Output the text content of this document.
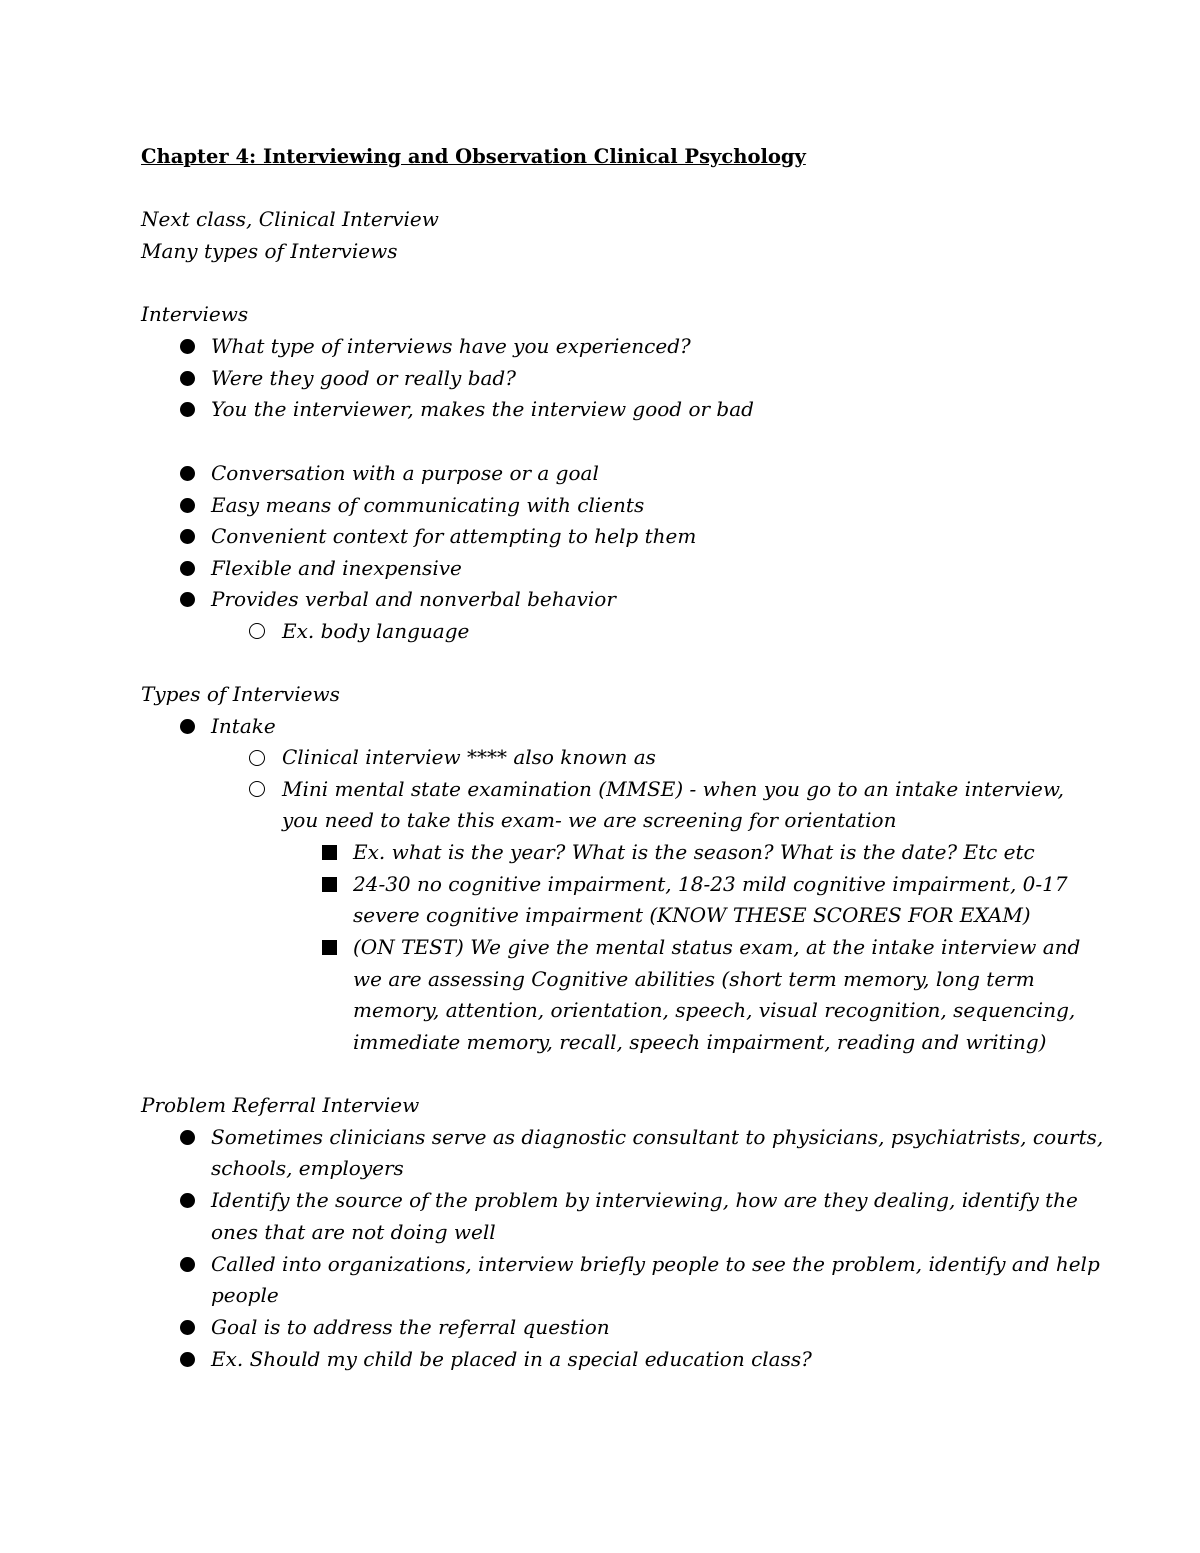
Chapter 4: Interviewing and Observation Clinical Psychology
Next class, Clinical Interview
Many types of Interviews
Interviews
What type of interviews have you experienced?
Were they good or really bad?
You the interviewer, makes the interview good or bad
Conversation with a purpose or a goal
Easy means of communicating with clients
Convenient context for attempting to help them
Flexible and inexpensive
Provides verbal and nonverbal behavior
Ex. body language
Types of Interviews
Intake
Clinical interview **** also known as
Mini mental state examination (MMSE) - when you go to an intake interview,
you need to take this exam- we are screening for orientation
Ex. what is the year? What is the season? What is the date? Etc etc
24-30 no cognitive impairment, 18-23 mild cognitive impairment, 0-17
severe cognitive impairment (KNOW THESE SCORES FOR EXAM)
(ON TEST) We give the mental status exam, at the intake interview and
we are assessing Cognitive abilities (short term memory, long term
memory, attention, orientation, speech, visual recognition, sequencing,
immediate memory, recall, speech impairment, reading and writing)
Problem Referral Interview
Sometimes clinicians serve as diagnostic consultant to physicians, psychiatrists, courts,
schools, employers
Identify the source of the problem by interviewing, how are they dealing, identify the
ones that are not doing well
Called into organizations, interview briefly people to see the problem, identify and help
people
Goal is to address the referral question
Ex. Should my child be placed in a special education class?
